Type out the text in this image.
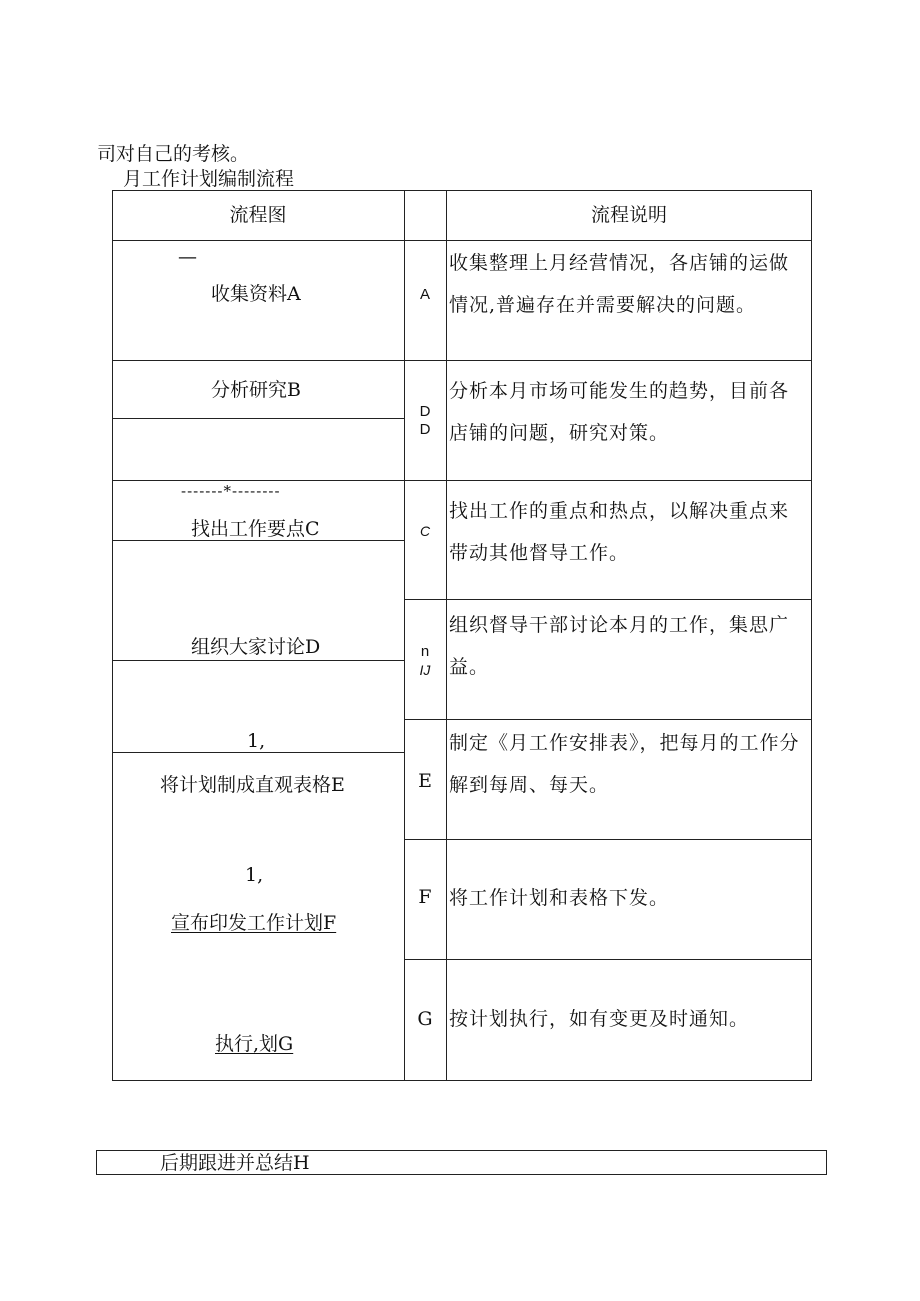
司对自己的考核。
月工作计划编制流程
流程图	流程说明
—
收集资料A
分析研究B
-------*--------
找出工作要点C
组织大家讨论D
1,
将计划制成直观表格E
1,
宣布印发工作计划F
执行,划G
A
D
D
C
n
IJ
E
F
G
收集整理上月经营情况，各店铺的运做情况,普遍存在并需要解决的问题。
分析本月市场可能发生的趋势，目前各店铺的问题，研究对策。
找出工作的重点和热点，以解决重点来带动其他督导工作。
组织督导干部讨论本月的工作，集思广益。
制定《月工作安排表》，把每月的工作分解到每周、每天。
将工作计划和表格下发。
按计划执行，如有变更及时通知。
后期跟进并总结H
